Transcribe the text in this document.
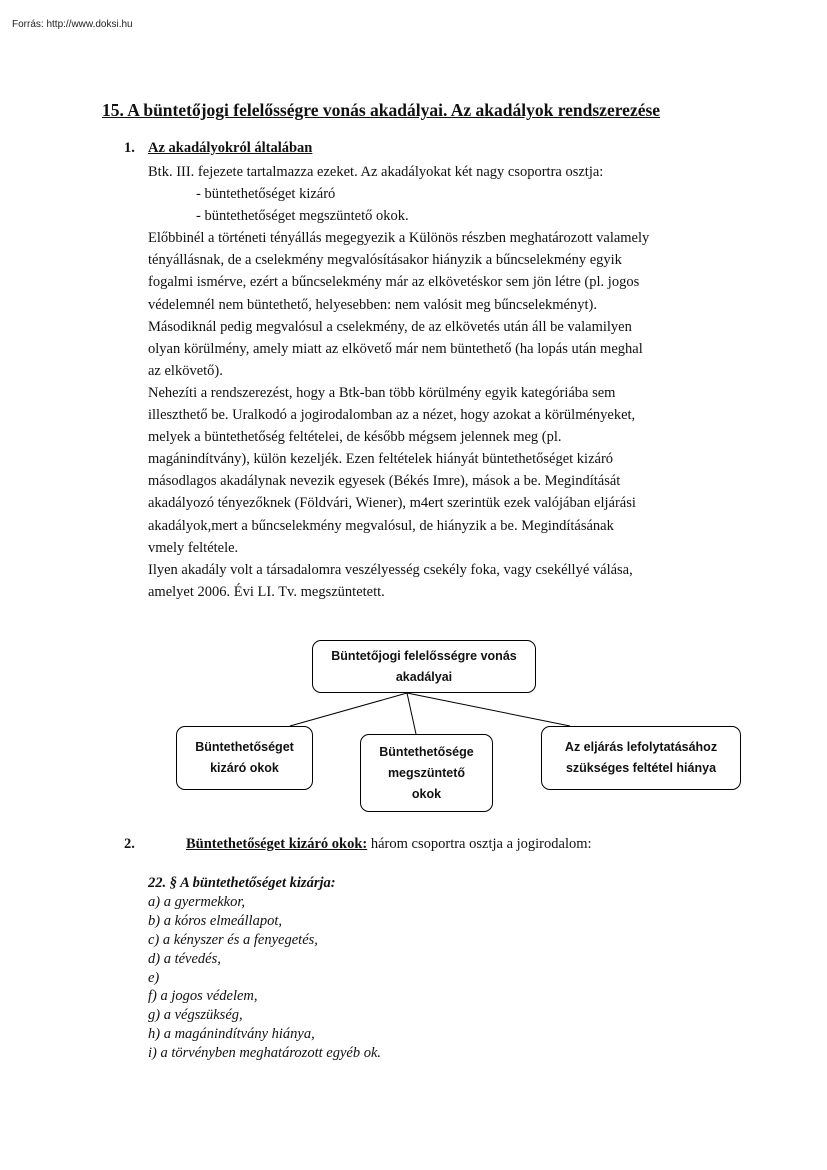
Forrás: http://www.doksi.hu
15. A büntetőjogi felelősségre vonás akadályai. Az akadályok rendszerezése
1. Az akadályokról általában
Btk. III. fejezete tartalmazza ezeket. Az akadályokat két nagy csoportra osztja:
- büntethetőséget kizáró
- büntethetőséget megszüntető okok.
Előbbinél a történeti tényállás megegyezik a Különös részben meghatározott valamely
tényállásnak, de a cselekmény megvalósításakor hiányzik a bűncselekmény egyik
fogalmi ismérve, ezért a bűncselekmény már az elkövetéskor sem jön létre (pl. jogos
védelemnél nem büntethető, helyesebben: nem valósit meg bűncselekményt).
Másodiknál pedig megvalósul a cselekmény, de az elkövetés után áll be valamilyen
olyan körülmény, amely miatt az elkövető már nem büntethető (ha lopás után meghal
az elkövető).
Nehezíti a rendszerezést, hogy a Btk-ban több körülmény egyik kategóriába sem
illeszthető be. Uralkodó a jogirodalomban az a nézet, hogy azokat a körülményeket,
melyek a büntethetőség feltételei, de később mégsem jelennek meg (pl.
magánindítvány), külön kezeljék. Ezen feltételek hiányát büntethetőséget kizáró
másodlagos akadálynak nevezik egyesek (Békés Imre), mások a be. Megindítását
akadályozó tényezőknek (Földvári, Wiener), m4ert szerintük ezek valójában eljárási
akadályok,mert a bűncselekmény megvalósul, de hiányzik a be. Megindításának
vmely feltétele.
Ilyen akadály volt a társadalomra veszélyesség csekély foka, vagy csekéllyé válása,
amelyet 2006. Évi LI. Tv. megszüntetett.
Büntetőjogi felelősségre vonás
akadályai
Büntethetőséget
kizáró okok
Büntethetősége
megszüntető
okok
Az eljárás lefolytatásához
szükséges feltétel hiánya
2.	Büntethetőséget kizáró okok: három csoportra osztja a jogirodalom:
22. § A büntethetőséget kizárja:
a) a gyermekkor,
b) a kóros elmeállapot,
c) a kényszer és a fenyegetés,
d) a tévedés,
e)
f) a jogos védelem,
g) a végszükség,
h) a magánindítvány hiánya,
i) a törvényben meghatározott egyéb ok.
